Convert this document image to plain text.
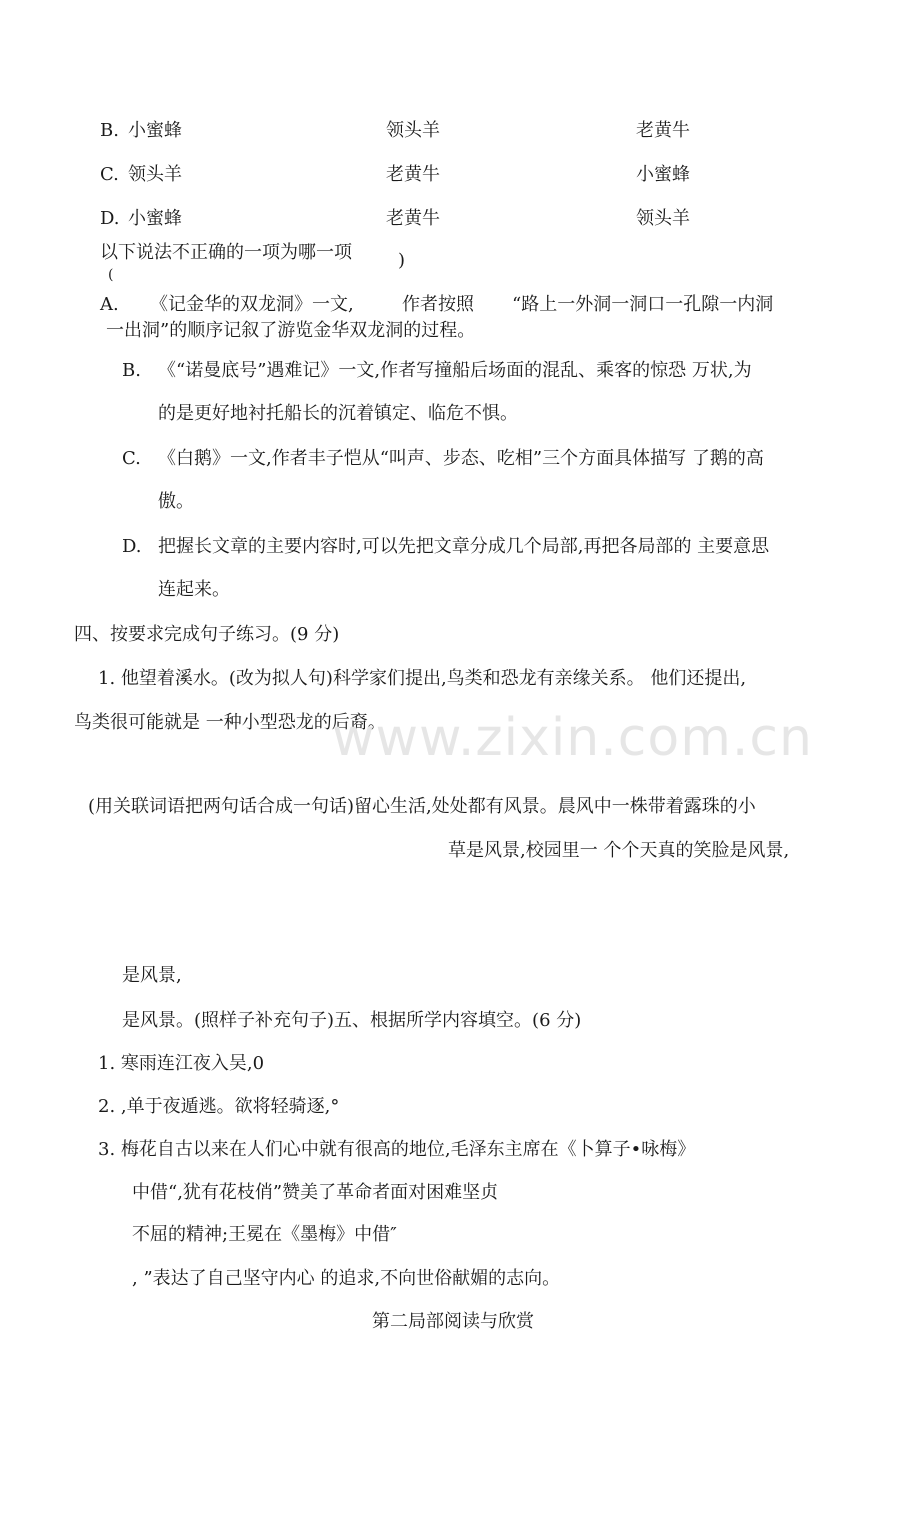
B. 小蜜蜂	领头羊	老黄牛
C. 领头羊	老黄牛	小蜜蜂
D. 小蜜蜂	老黄牛	领头羊
以下说法不正确的一项为哪一项
(
)
A. 《记金华的双龙洞》一文,	作者按照 “路上一外洞一洞口一孔隙一内洞
一出洞”的顺序记叙了游览金华双龙洞的过程。
B. 《“诺曼底号”遇难记》一文,作者写撞船后场面的混乱、乘客的惊恐 万状,为
的是更好地衬托船长的沉着镇定、临危不惧。
C. 《白鹅》一文,作者丰子恺从“叫声、步态、吃相”三个方面具体描写 了鹅的高
傲。
D. 把握长文章的主要内容时,可以先把文章分成几个局部,再把各局部的 主要意思
连起来。
四、按要求完成句子练习。(9 分)
1. 他望着溪水。(改为拟人句)科学家们提出,鸟类和恐龙有亲缘关系。 他们还提出,
鸟类很可能就是 一种小型恐龙的后裔。
www.zixin.com.cn
(用关联词语把两句话合成一句话)留心生活,处处都有风景。晨风中一株带着露珠的小
草是风景,校园里一 个个天真的笑脸是风景,
是风景,
是风景。(照样子补充句子)五、根据所学内容填空。(6 分)
1. 寒雨连江夜入吴,0
2. ,单于夜遁逃。欲将轻骑逐,°
3. 梅花自古以来在人们心中就有很高的地位,毛泽东主席在《卜算子•咏梅》
中借“,犹有花枝俏”赞美了革命者面对困难坚贞
不屈的精神;王冕在《墨梅》中借″
, ”表达了自己坚守内心 的追求,不向世俗献媚的志向。
第二局部阅读与欣赏
